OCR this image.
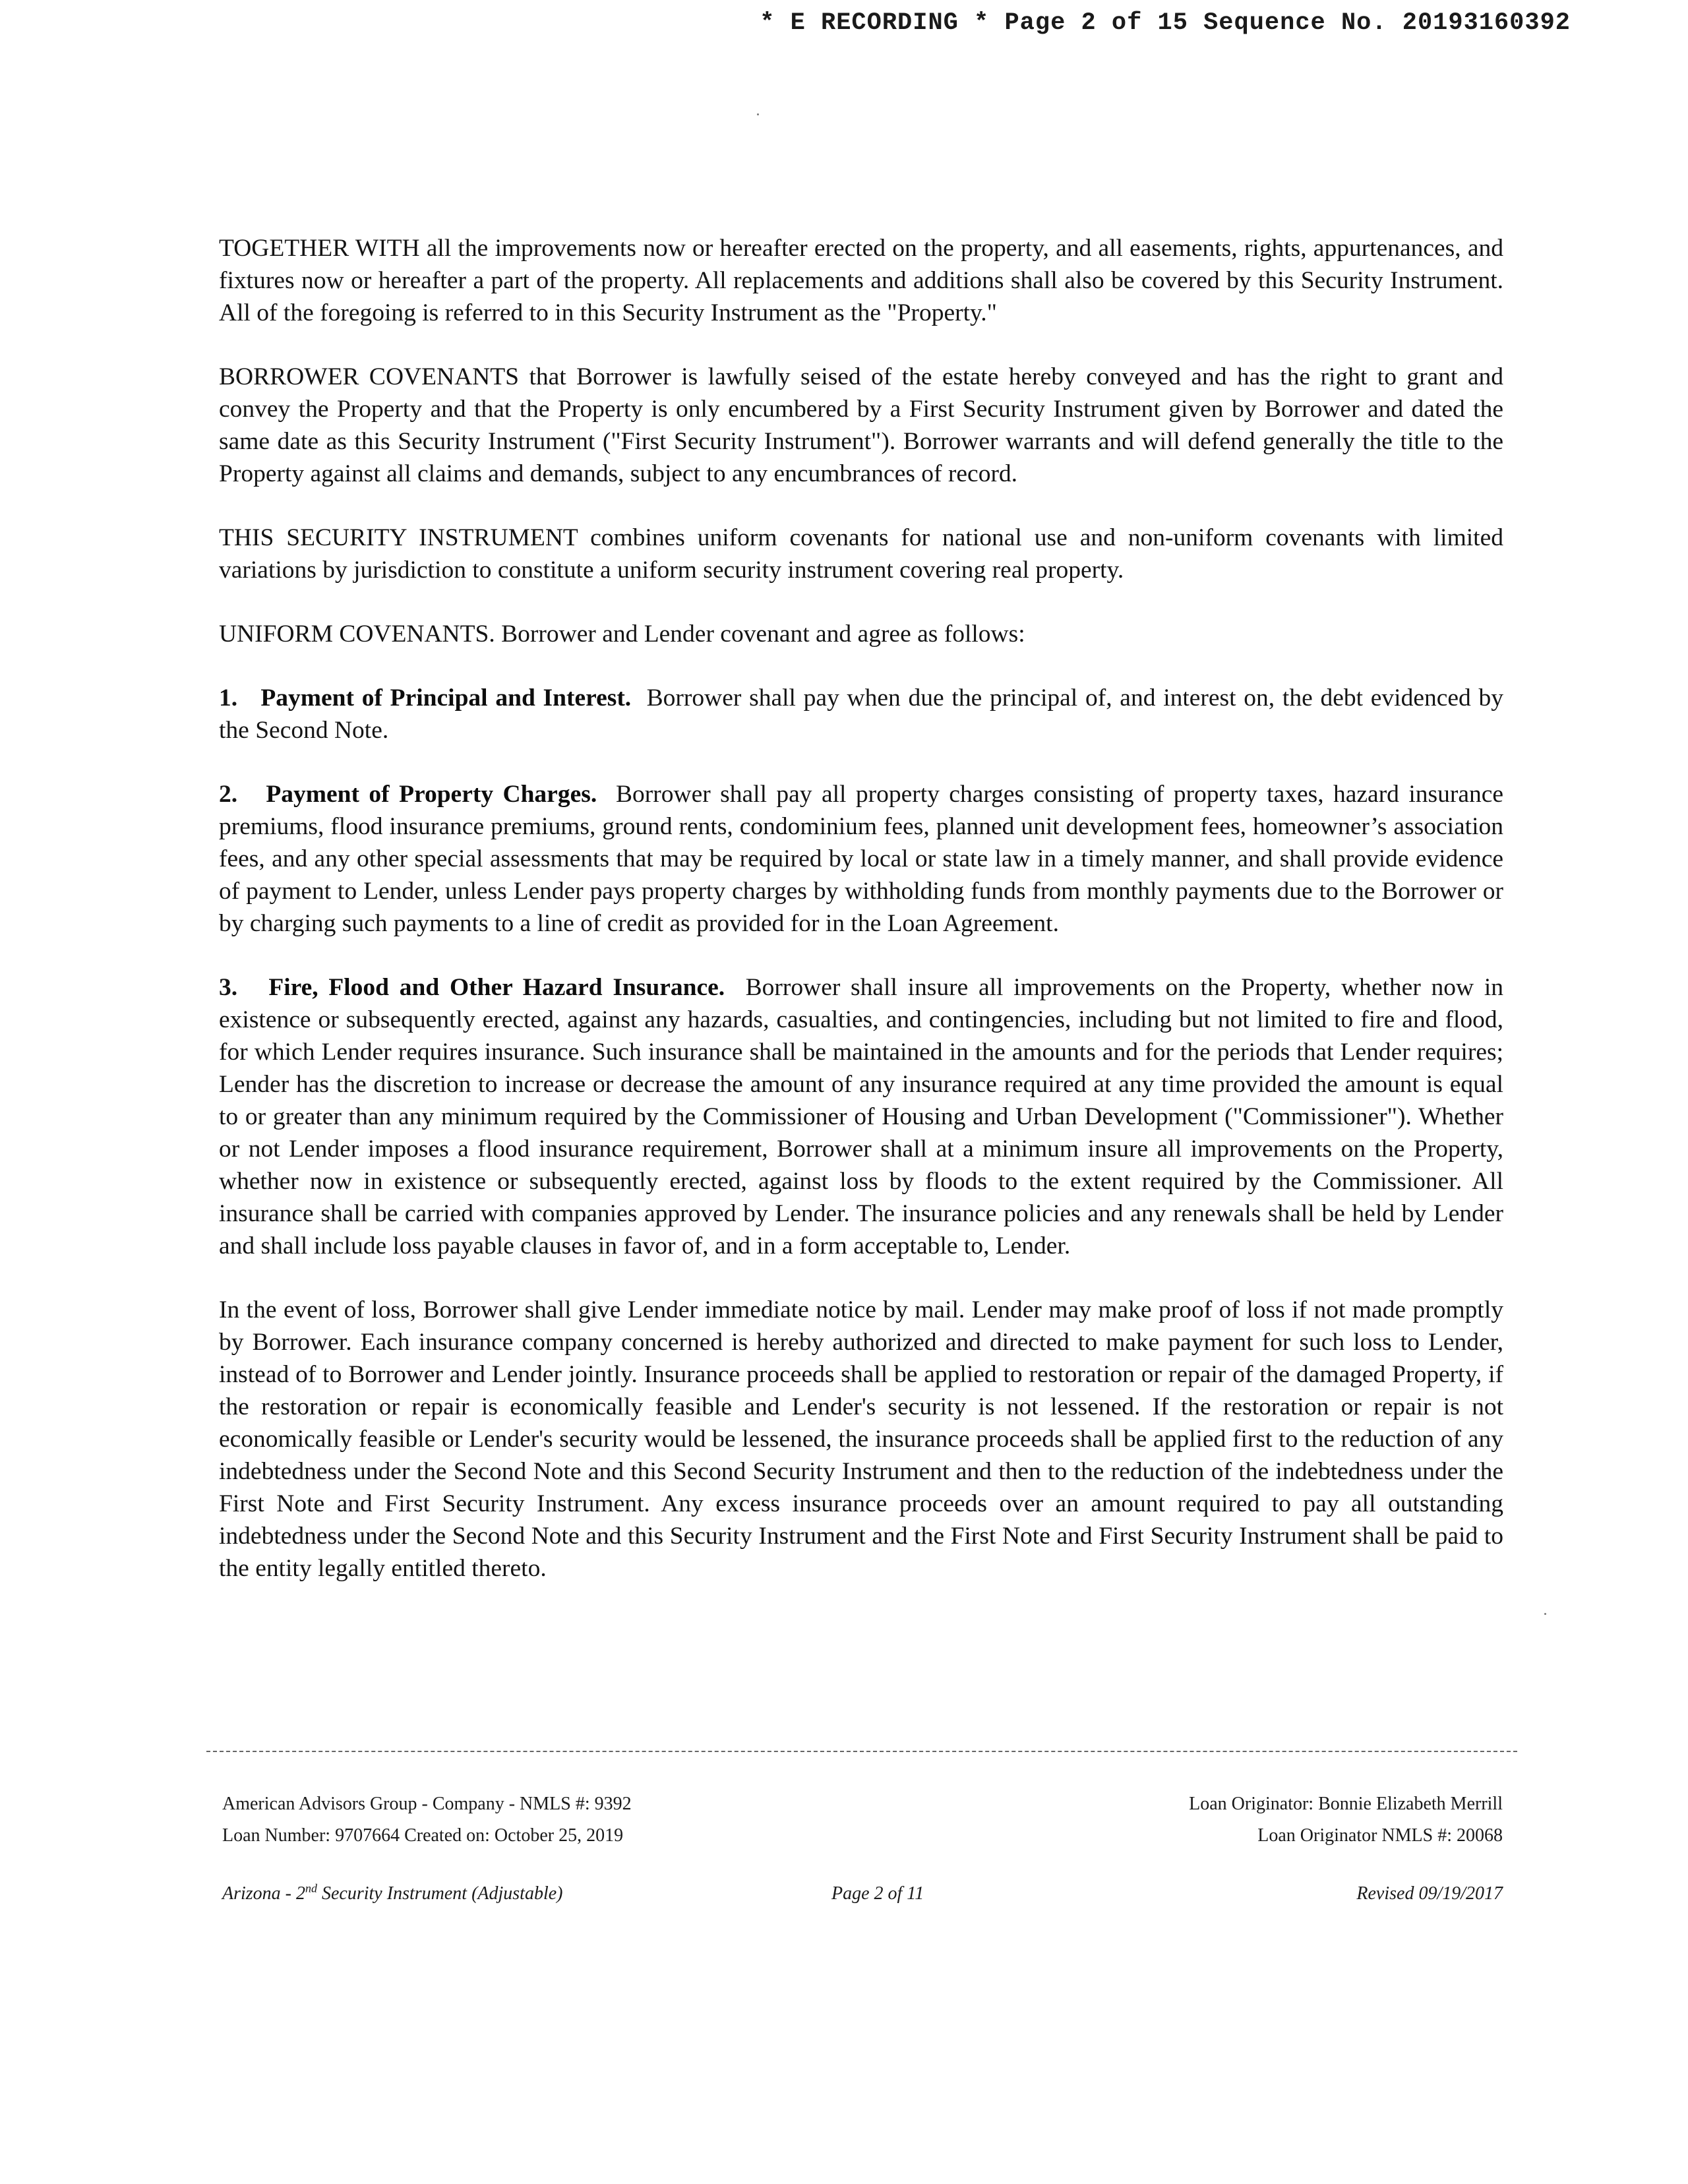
* E RECORDING * Page 2 of 15 Sequence No. 20193160392

TOGETHER WITH all the improvements now or hereafter erected on the property, and all easements, rights, appurtenances, and fixtures now or hereafter a part of the property. All replacements and additions shall also be covered by this Security Instrument. All of the foregoing is referred to in this Security Instrument as the "Property."

BORROWER COVENANTS that Borrower is lawfully seised of the estate hereby conveyed and has the right to grant and convey the Property and that the Property is only encumbered by a First Security Instrument given by Borrower and dated the same date as this Security Instrument ("First Security Instrument"). Borrower warrants and will defend generally the title to the Property against all claims and demands, subject to any encumbrances of record.

THIS SECURITY INSTRUMENT combines uniform covenants for national use and non-uniform covenants with limited variations by jurisdiction to constitute a uniform security instrument covering real property.

UNIFORM COVENANTS. Borrower and Lender covenant and agree as follows:

1. Payment of Principal and Interest. Borrower shall pay when due the principal of, and interest on, the debt evidenced by the Second Note.

2. Payment of Property Charges. Borrower shall pay all property charges consisting of property taxes, hazard insurance premiums, flood insurance premiums, ground rents, condominium fees, planned unit development fees, homeowner’s association fees, and any other special assessments that may be required by local or state law in a timely manner, and shall provide evidence of payment to Lender, unless Lender pays property charges by withholding funds from monthly payments due to the Borrower or by charging such payments to a line of credit as provided for in the Loan Agreement.

3. Fire, Flood and Other Hazard Insurance. Borrower shall insure all improvements on the Property, whether now in existence or subsequently erected, against any hazards, casualties, and contingencies, including but not limited to fire and flood, for which Lender requires insurance. Such insurance shall be maintained in the amounts and for the periods that Lender requires; Lender has the discretion to increase or decrease the amount of any insurance required at any time provided the amount is equal to or greater than any minimum required by the Commissioner of Housing and Urban Development ("Commissioner"). Whether or not Lender imposes a flood insurance requirement, Borrower shall at a minimum insure all improvements on the Property, whether now in existence or subsequently erected, against loss by floods to the extent required by the Commissioner. All insurance shall be carried with companies approved by Lender. The insurance policies and any renewals shall be held by Lender and shall include loss payable clauses in favor of, and in a form acceptable to, Lender.

In the event of loss, Borrower shall give Lender immediate notice by mail. Lender may make proof of loss if not made promptly by Borrower. Each insurance company concerned is hereby authorized and directed to make payment for such loss to Lender, instead of to Borrower and Lender jointly. Insurance proceeds shall be applied to restoration or repair of the damaged Property, if the restoration or repair is economically feasible and Lender's security is not lessened. If the restoration or repair is not economically feasible or Lender's security would be lessened, the insurance proceeds shall be applied first to the reduction of any indebtedness under the Second Note and this Second Security Instrument and then to the reduction of the indebtedness under the First Note and First Security Instrument. Any excess insurance proceeds over an amount required to pay all outstanding indebtedness under the Second Note and this Security Instrument and the First Note and First Security Instrument shall be paid to the entity legally entitled thereto.

American Advisors Group - Company - NMLS #: 9392
Loan Number: 9707664 Created on: October 25, 2019
Loan Originator: Bonnie Elizabeth Merrill
Loan Originator NMLS #: 20068
Arizona - 2nd Security Instrument (Adjustable)	Page 2 of 11	Revised 09/19/2017
